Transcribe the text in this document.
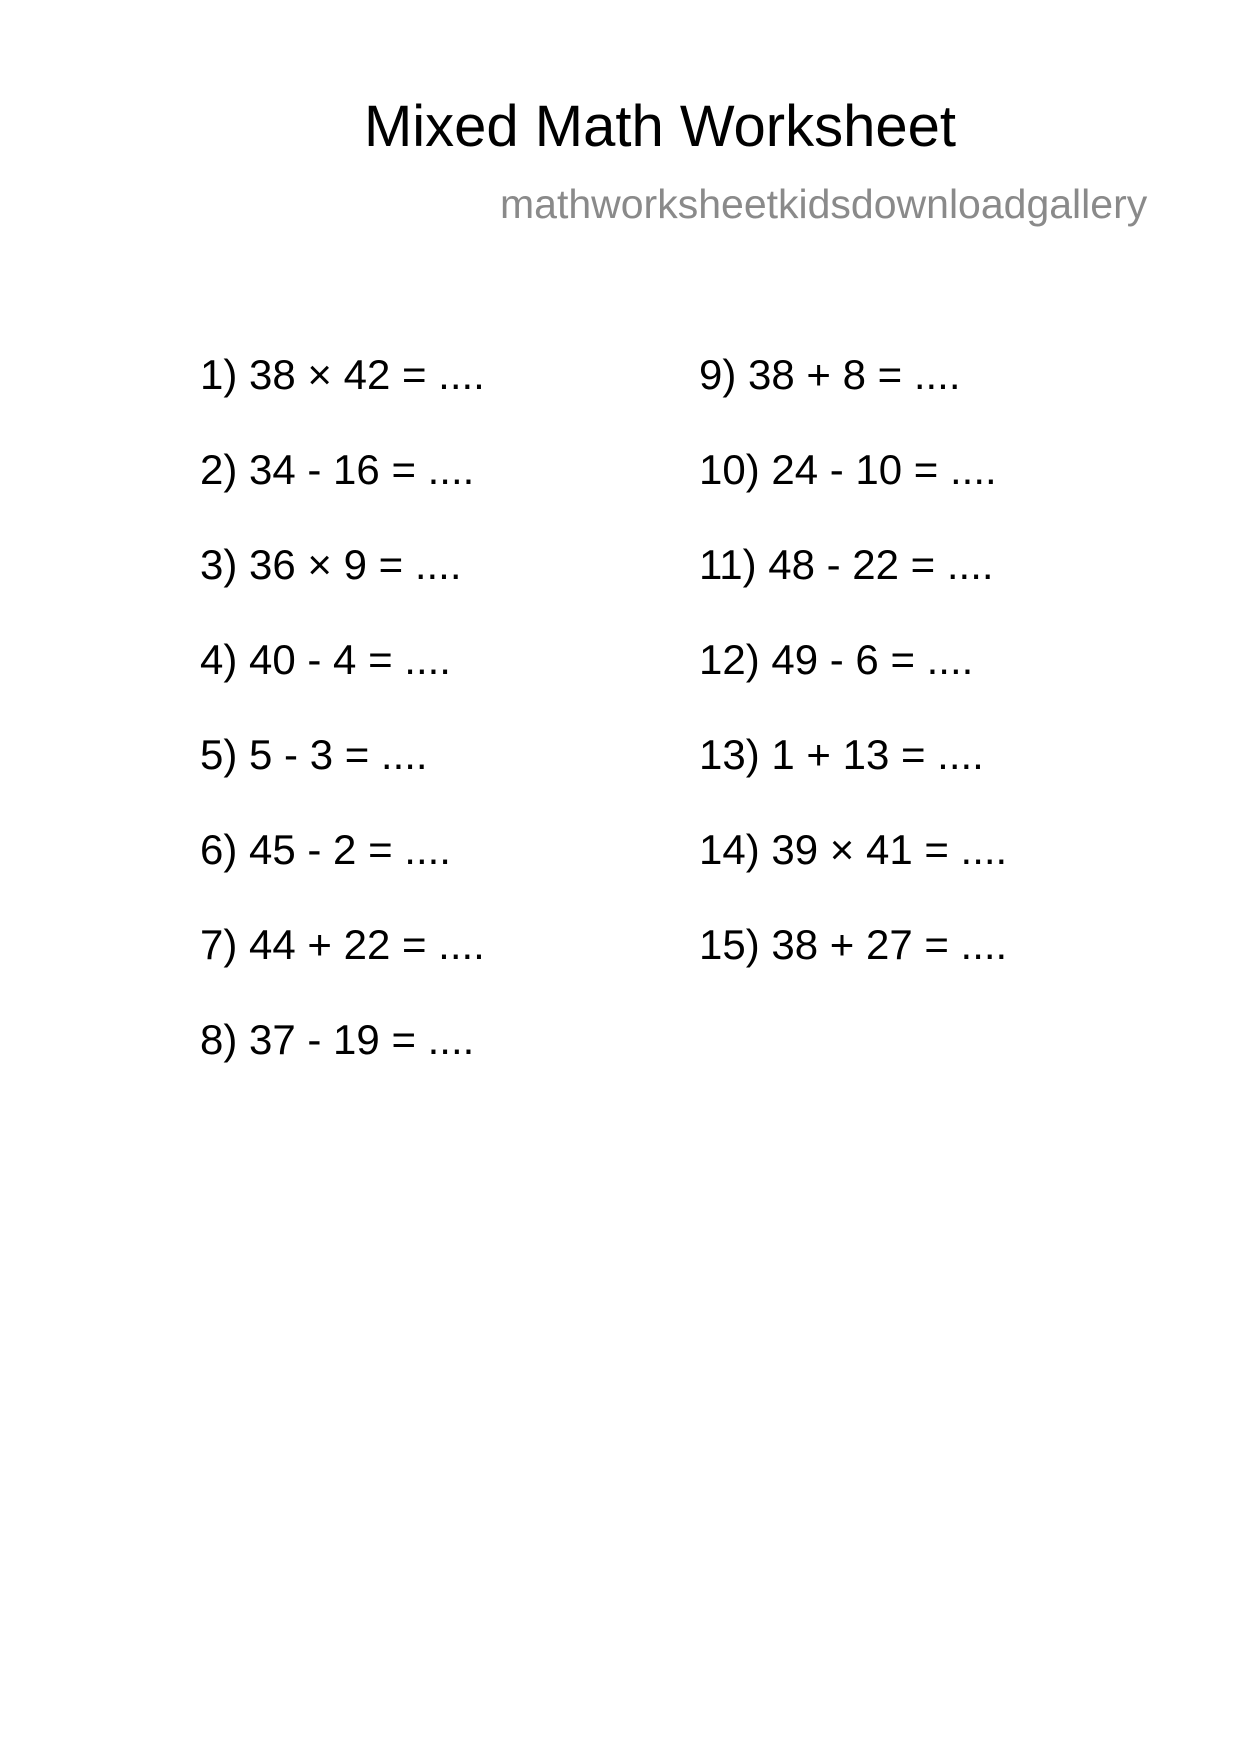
Mixed Math Worksheet
mathworksheetkidsdownloadgallery
1) 38 × 42 = ....
2) 34 - 16 = ....
3) 36 × 9 = ....
4) 40 - 4 = ....
5) 5 - 3 = ....
6) 45 - 2 = ....
7) 44 + 22 = ....
8) 37 - 19 = ....
9) 38 + 8 = ....
10) 24 - 10 = ....
11) 48 - 22 = ....
12) 49 - 6 = ....
13) 1 + 13 = ....
14) 39 × 41 = ....
15) 38 + 27 = ....
